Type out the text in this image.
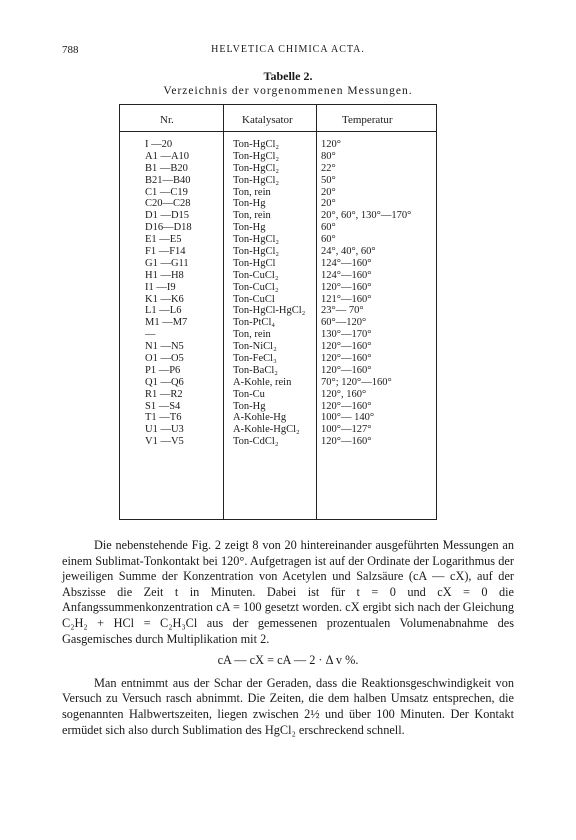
788	HELVETICA CHIMICA ACTA.
Tabelle 2.
Verzeichnis der vorgenommenen Messungen.
Nr.	Katalysator	Temperatur
I —20	Ton-HgCl₂	120°
A1 —A10	Ton-HgCl₂	80°
B1 —B20	Ton-HgCl₂	22°
B21—B40	Ton-HgCl₂	50°
C1 —C19	Ton, rein	20°
C20—C28	Ton-Hg	20°
D1 —D15	Ton, rein	20°, 60°, 130°—170°
D16—D18	Ton-Hg	60°
E1 —E5	Ton-HgCl₂	60°
F1 —F14	Ton-HgCl₂	24°, 40°, 60°
G1 —G11	Ton-HgCl	124°—160°
H1 —H8	Ton-CuCl₂	124°—160°
I1 —I9	Ton-CuCl₂	120°—160°
K1 —K6	Ton-CuCl	121°—160°
L1 —L6	Ton-HgCl-HgCl₂ 23°— 70°
M1 —M7	Ton-PtCl₄	60°—120°
—	Ton, rein	130°—170°
N1 —N5	Ton-NiCl₂	120°—160°
O1 —O5	Ton-FeCl₃	120°—160°
P1 —P6	Ton-BaCl₂	120°—160°
Q1 —Q6	A-Kohle, rein	70°; 120°—160°
R1 —R2	Ton-Cu	120°, 160°
S1 —S4	Ton-Hg	120°—160°
T1 —T6	A-Kohle-Hg	100°— 140°
U1 —U3	A-Kohle-HgCl₂ 100°—127°
V1 —V5	Ton-CdCl₂	120°—160°

Die nebenstehende Fig. 2 zeigt 8 von 20 hintereinander ausgeführten Messungen an einem Sublimat-Tonkontakt bei 120°. Aufgetragen ist auf der Ordinate der Logarithmus der jeweiligen Summe der Konzentration von Acetylen und Salzsäure (cA — cX), auf der Abszisse die Zeit t in Minuten. Dabei ist für t = 0 und cX = 0 die Anfangssummenkonzentration cA = 100 gesetzt worden. cX ergibt sich nach der Gleichung C₂H₂ + HCl = C₂H₃Cl aus der gemessenen prozentualen Volumenabnahme des Gasgemisches durch Multiplikation mit 2.

cA — cX = cA — 2 · Δ v %.

Man entnimmt aus der Schar der Geraden, dass die Reaktionsgeschwindigkeit von Versuch zu Versuch rasch abnimmt. Die Zeiten, die dem halben Umsatz entsprechen, die sogenannten Halbwertszeiten, liegen zwischen 2½ und über 100 Minuten. Der Kontakt ermüdet sich also durch Sublimation des HgCl₂ erschreckend schnell.
